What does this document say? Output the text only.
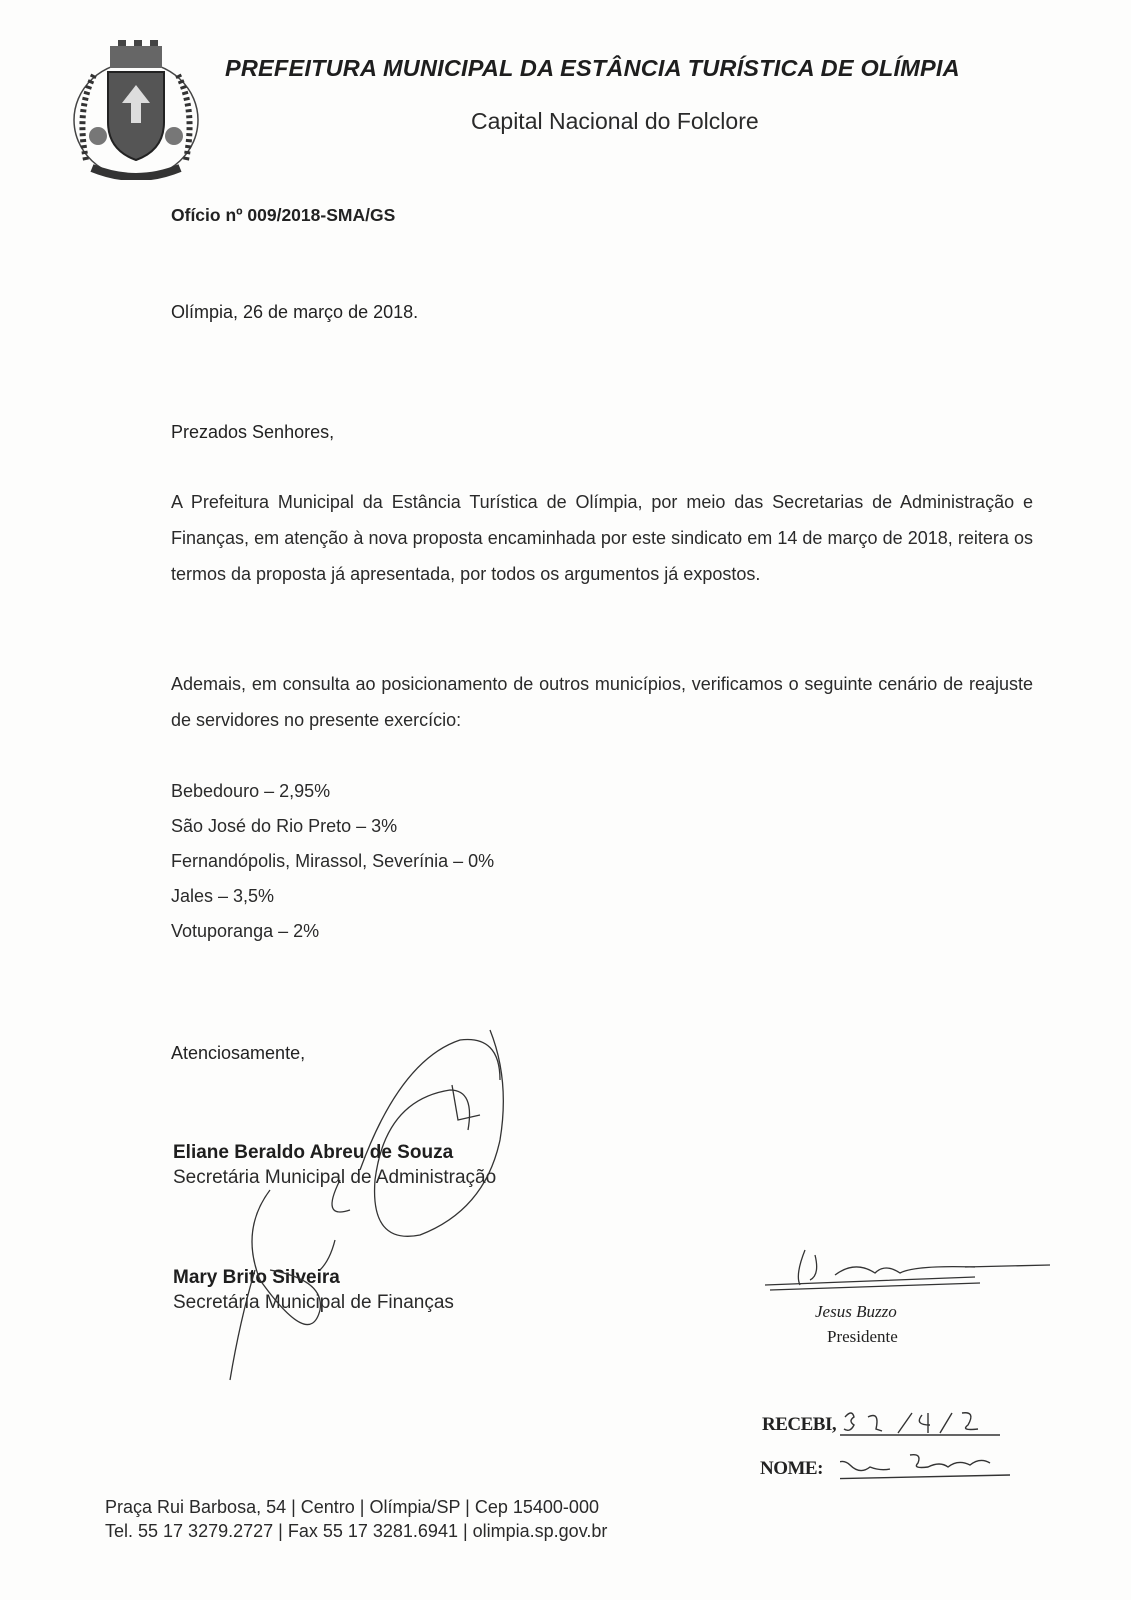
PREFEITURA MUNICIPAL DA ESTÂNCIA TURÍSTICA DE OLÍMPIA
Capital Nacional do Folclore
Ofício nº 009/2018-SMA/GS
Olímpia, 26 de março de 2018.
Prezados Senhores,
A Prefeitura Municipal da Estância Turística de Olímpia, por meio das Secretarias de Administração e Finanças, em atenção à nova proposta encaminhada por este sindicato em 14 de março de 2018, reitera os termos da proposta já apresentada, por todos os argumentos já expostos.
Ademais, em consulta ao posicionamento de outros municípios, verificamos o seguinte cenário de reajuste de servidores no presente exercício:
Bebedouro – 2,95%
São José do Rio Preto – 3%
Fernandópolis, Mirassol, Severínia – 0%
Jales – 3,5%
Votuporanga – 2%
Atenciosamente,
Eliane Beraldo Abreu de Souza
Secretária Municipal de Administração
Mary Brito Silveira
Secretária Municipal de Finanças	Jesus Buzzo
Presidente
RECEBI,
NOME:
Praça Rui Barbosa, 54 | Centro | Olímpia/SP | Cep 15400-000
Tel. 55 17 3279.2727 | Fax 55 17 3281.6941 | olimpia.sp.gov.br
